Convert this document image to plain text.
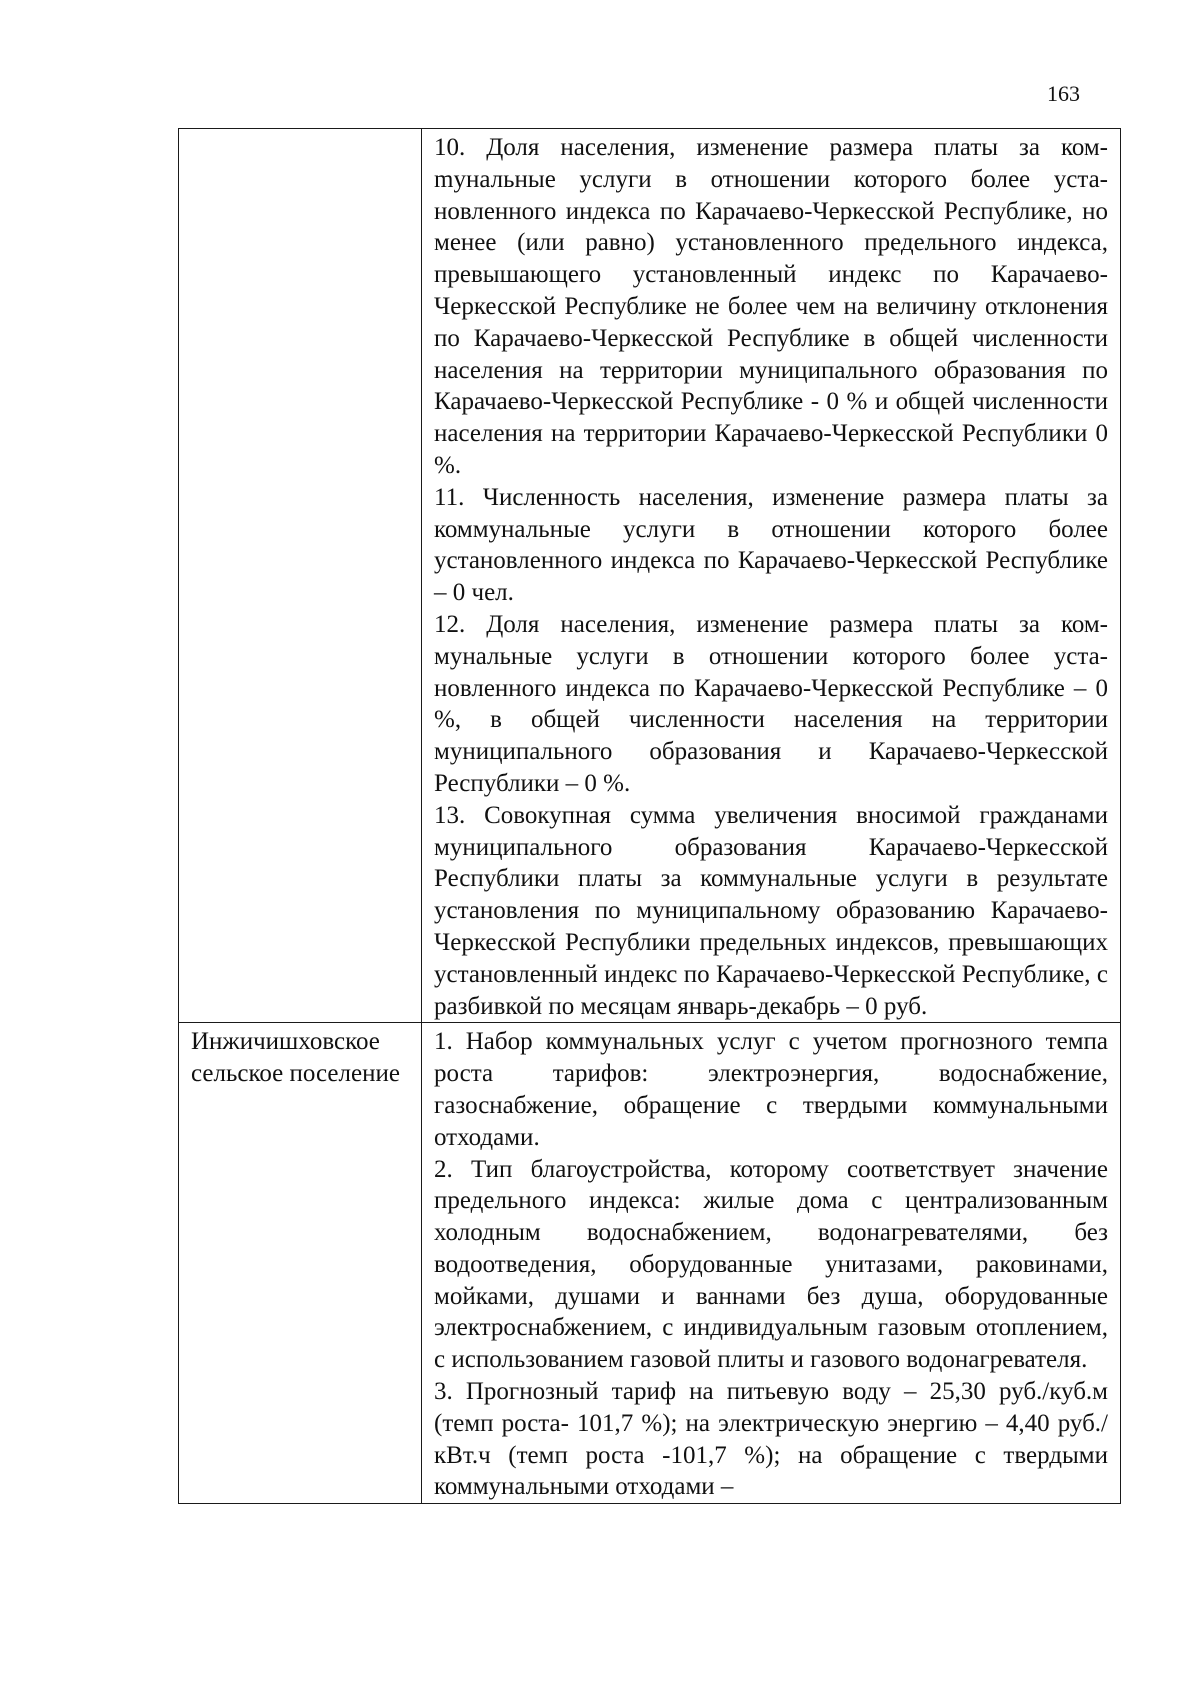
163

	10. Доля населения, изменение размера платы за комmунальные услуги в отношении которого более установленного индекса по Карачаево-Черкесской Республике, но менее (или равно) установленного предельного индекса, превышающего установленный индекс по Карачаево-Черкесской Республике не более чем на величину отклонения по Карачаево-Черкесской Республике в общей численности населения на территории муниципального образования по Карачаево-Черкесской Республике - 0 % и общей численности населения на территории Карачаево-Черкесской Республики 0 %.

11. Численность населения, изменение размера платы за коммунальные услуги в отношении которого более установленного индекса по Карачаево-Черкесской Республике – 0 чел.

12. Доля населения, изменение размера платы за коммунальные услуги в отношении которого более установленного индекса по Карачаево-Черкесской Республике – 0 %, в общей численности населения на территории муниципального образования и Карачаево-Черкесской Республики – 0 %.

13. Совокупная сумма увеличения вносимой гражданами муниципального образования Карачаево-Черкесской Республики платы за коммунальные услуги в результате установления по муниципальному образованию Карачаево-Черкесской Республики предельных индексов, превышающих установленный индекс по Карачаево-Черкесской Республике, с разбивкой по месяцам январь-декабрь – 0 руб.

Инжичишховское сельское поселение	1. Набор коммунальных услуг с учетом прогнозного темпа роста тарифов: электроэнергия, водоснабжение, газоснабжение, обращение с твердыми коммунальными отходами.

2. Тип благоустройства, которому соответствует значение предельного индекса: жилые дома с централизованным холодным водоснабжением, водонагревателями, без водоотведения, оборудованные унитазами, раковинами, мойками, душами и ваннами без душа, оборудованные электроснабжением, с индивидуальным газовым отоплением, с использованием газовой плиты и газового водонагревателя.

3. Прогнозный тариф на питьевую воду – 25,30 руб./куб.м (темп роста- 101,7 %); на электрическую энергию – 4,40 руб./кВт.ч (темп роста -101,7 %); на обращение с твердыми коммунальными отходами –
